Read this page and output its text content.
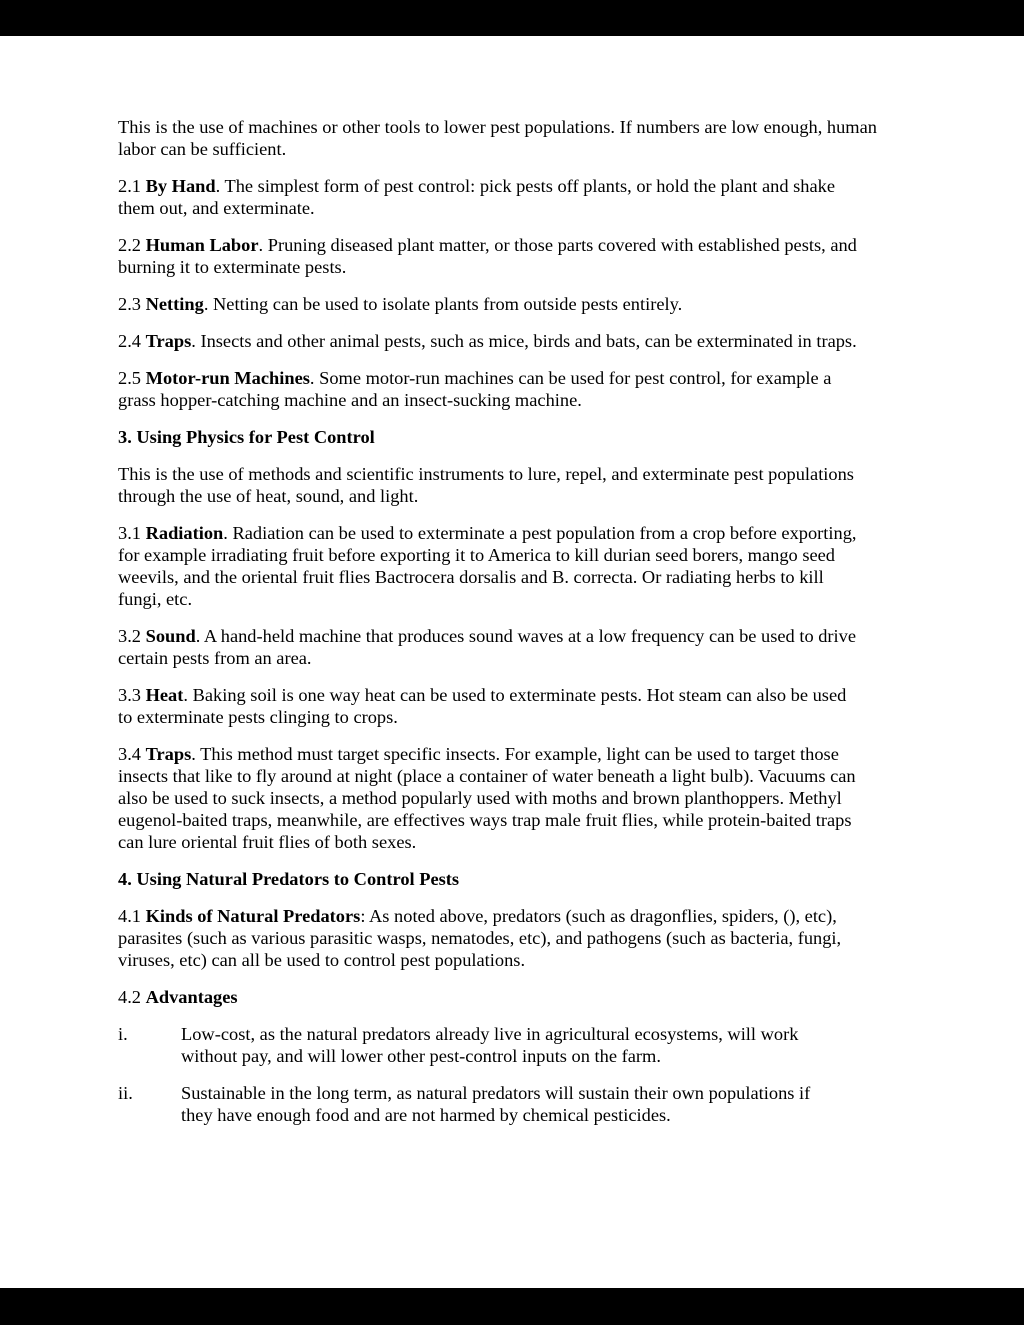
This is the use of machines or other tools to lower pest populations. If numbers are low enough, human labor can be sufficient.

2.1 By Hand. The simplest form of pest control: pick pests off plants, or hold the plant and shake them out, and exterminate.

2.2 Human Labor. Pruning diseased plant matter, or those parts covered with established pests, and burning it to exterminate pests.

2.3 Netting. Netting can be used to isolate plants from outside pests entirely.

2.4 Traps. Insects and other animal pests, such as mice, birds and bats, can be exterminated in traps.

2.5 Motor-run Machines. Some motor-run machines can be used for pest control, for example a grass hopper-catching machine and an insect-sucking machine.

3. Using Physics for Pest Control

This is the use of methods and scientific instruments to lure, repel, and exterminate pest populations through the use of heat, sound, and light.

3.1 Radiation. Radiation can be used to exterminate a pest population from a crop before exporting, for example irradiating fruit before exporting it to America to kill durian seed borers, mango seed weevils, and the oriental fruit flies Bactrocera dorsalis and B. correcta. Or radiating herbs to kill fungi, etc.

3.2 Sound. A hand-held machine that produces sound waves at a low frequency can be used to drive certain pests from an area.

3.3 Heat. Baking soil is one way heat can be used to exterminate pests. Hot steam can also be used to exterminate pests clinging to crops.

3.4 Traps. This method must target specific insects. For example, light can be used to target those insects that like to fly around at night (place a container of water beneath a light bulb). Vacuums can also be used to suck insects, a method popularly used with moths and brown planthoppers. Methyl eugenol-baited traps, meanwhile, are effectives ways trap male fruit flies, while protein-baited traps can lure oriental fruit flies of both sexes.

4. Using Natural Predators to Control Pests

4.1 Kinds of Natural Predators: As noted above, predators (such as dragonflies, spiders, (), etc), parasites (such as various parasitic wasps, nematodes, etc), and pathogens (such as bacteria, fungi, viruses, etc) can all be used to control pest populations.

4.2 Advantages

i.	Low-cost, as the natural predators already live in agricultural ecosystems, will work without pay, and will lower other pest-control inputs on the farm.

ii.	Sustainable in the long term, as natural predators will sustain their own populations if they have enough food and are not harmed by chemical pesticides.
